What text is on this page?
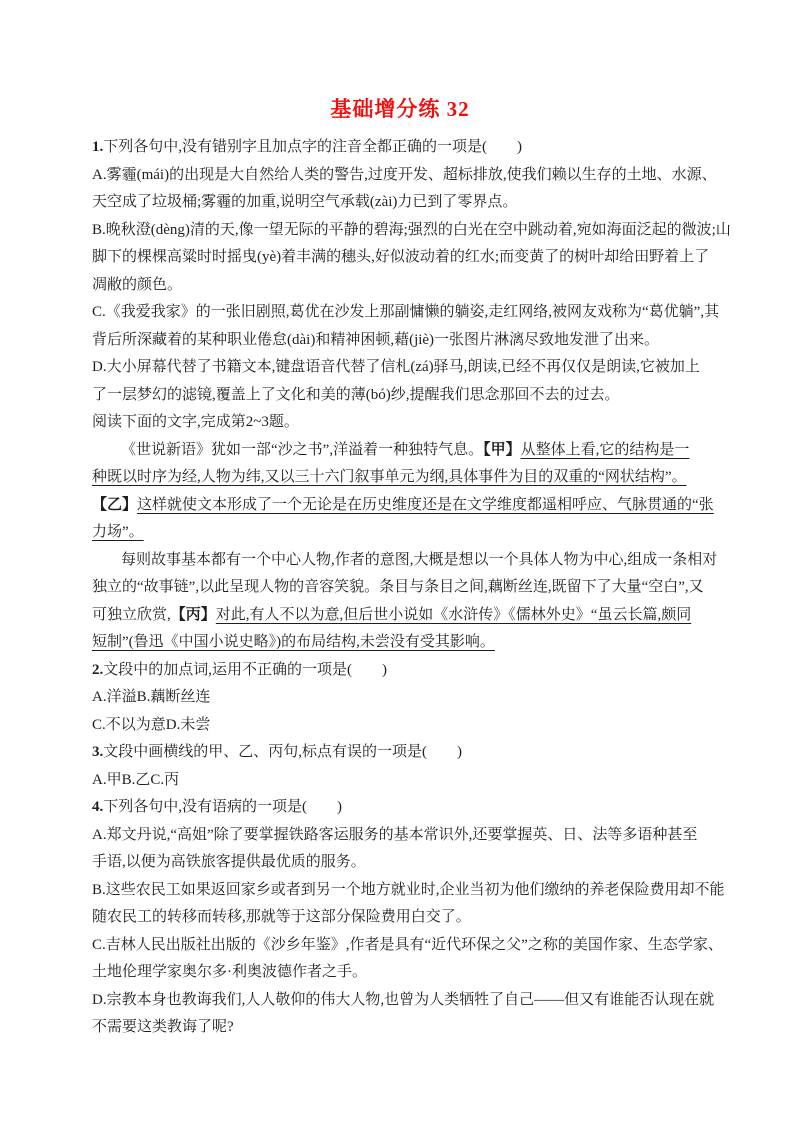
基础增分练 32
1.下列各句中,没有错别字且加点字的注音全都正确的一项是(　　)
A.雾霾(mái)的出现是大自然给人类的警告,过度开发、超标排放,使我们赖以生存的土地、水源、
天空成了垃圾桶;雾霾的加重,说明空气承载(zài)力已到了零界点。
B.晚秋澄(dèng)清的天,像一望无际的平静的碧海;强烈的白光在空中跳动着,宛如海面泛起的微波;山
脚下的棵棵高粱时时摇曳(yè)着丰满的穗头,好似波动着的红水;而变黄了的树叶却给田野着上了
凋敝的颜色。
C.《我爱我家》的一张旧剧照,葛优在沙发上那副慵懒的躺姿,走红网络,被网友戏称为“葛优躺”,其
背后所深藏着的某种职业倦怠(dài)和精神困顿,藉(jiè)一张图片淋漓尽致地发泄了出来。
D.大小屏幕代替了书籍文本,键盘语音代替了信札(zá)驿马,朗读,已经不再仅仅是朗读,它被加上
了一层梦幻的滤镜,覆盖上了文化和美的薄(bó)纱,提醒我们思念那回不去的过去。
阅读下面的文字,完成第2~3题。
《世说新语》犹如一部“沙之书”,洋溢着一种独特气息。【甲】从整体上看,它的结构是一
种既以时序为经,人物为纬,又以三十六门叙事单元为纲,具体事件为目的双重的“网状结构”。
【乙】这样就使文本形成了一个无论是在历史维度还是在文学维度都遥相呼应、气脉贯通的“张
力场”。
每则故事基本都有一个中心人物,作者的意图,大概是想以一个具体人物为中心,组成一条相对
独立的“故事链”,以此呈现人物的音容笑貌。条目与条目之间,藕断丝连,既留下了大量“空白”,又
可独立欣赏,【丙】对此,有人不以为意,但后世小说如《水浒传》《儒林外史》“虽云长篇,颇同
短制”(鲁迅《中国小说史略》)的布局结构,未尝没有受其影响。
2.文段中的加点词,运用不正确的一项是(　　)
A.洋溢B.藕断丝连
C.不以为意D.未尝
3.文段中画横线的甲、乙、丙句,标点有误的一项是(　　)
A.甲B.乙C.丙
4.下列各句中,没有语病的一项是(　　)
A.郑文丹说,“高姐”除了要掌握铁路客运服务的基本常识外,还要掌握英、日、法等多语种甚至
手语,以便为高铁旅客提供最优质的服务。
B.这些农民工如果返回家乡或者到另一个地方就业时,企业当初为他们缴纳的养老保险费用却不能
随农民工的转移而转移,那就等于这部分保险费用白交了。
C.吉林人民出版社出版的《沙乡年鉴》,作者是具有“近代环保之父”之称的美国作家、生态学家、
土地伦理学家奥尔多·利奥波德作者之手。
D.宗教本身也教诲我们,人人敬仰的伟大人物,也曾为人类牺牲了自己——但又有谁能否认现在就
不需要这类教诲了呢?
